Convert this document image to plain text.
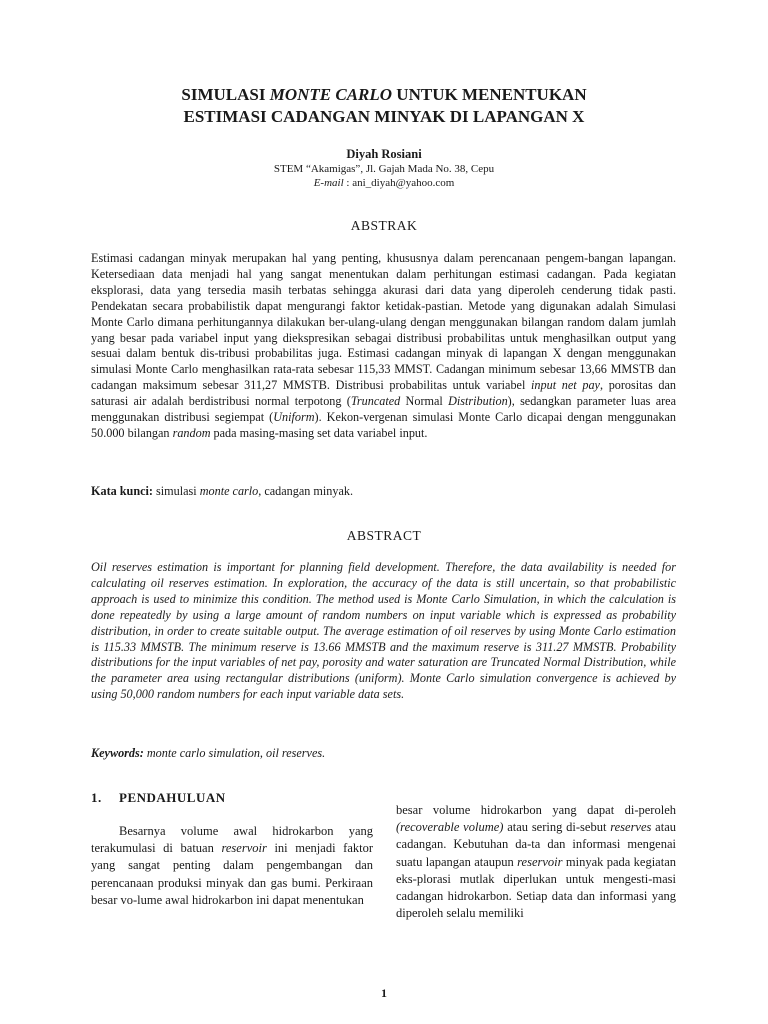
SIMULASI MONTE CARLO UNTUK MENENTUKAN
ESTIMASI CADANGAN MINYAK DI LAPANGAN X
Diyah Rosiani
STEM “Akamigas”, Jl. Gajah Mada No. 38, Cepu
E-mail : ani_diyah@yahoo.com
ABSTRAK
Estimasi cadangan minyak merupakan hal yang penting, khususnya dalam perencanaan pengem-bangan lapangan. Ketersediaan data menjadi hal yang sangat menentukan dalam perhitungan estimasi cadangan. Pada kegiatan eksplorasi, data yang tersedia masih terbatas sehingga akurasi dari data yang diperoleh cenderung tidak pasti. Pendekatan secara probabilistik dapat mengurangi faktor ketidak-pastian. Metode yang digunakan adalah Simulasi Monte Carlo dimana perhitungannya dilakukan ber-ulang-ulang dengan menggunakan bilangan random dalam jumlah yang besar pada variabel input yang diekspresikan sebagai distribusi probabilitas untuk menghasilkan output yang sesuai dalam bentuk dis-tribusi probabilitas juga. Estimasi cadangan minyak di lapangan X dengan menggunakan simulasi Monte Carlo menghasilkan rata-rata sebesar 115,33 MMST. Cadangan minimum sebesar 13,66 MMSTB dan cadangan maksimum sebesar 311,27 MMSTB. Distribusi probabilitas untuk variabel input net pay, porositas dan saturasi air adalah berdistribusi normal terpotong (Truncated Normal Distribution), sedangkan parameter luas area menggunakan distribusi segiempat (Uniform). Kekon-vergenan simulasi Monte Carlo dicapai dengan menggunakan 50.000 bilangan random pada masing-masing set data variabel input.
Kata kunci: simulasi monte carlo, cadangan minyak.
ABSTRACT
Oil reserves estimation is important for planning field development. Therefore, the data availability is needed for calculating oil reserves estimation. In exploration, the accuracy of the data is still uncertain, so that probabilistic approach is used to minimize this condition. The method used is Monte Carlo Simulation, in which the calculation is done repeatedly by using a large amount of random numbers on input variable which is expressed as probability distribution, in order to create suitable output. The average estimation of oil reserves by using Monte Carlo estimation is 115.33 MMSTB. The minimum reserve is 13.66 MMSTB and the maximum reserve is 311.27 MMSTB. Probability distributions for the input variables of net pay, porosity and water saturation are Truncated Normal Distribution, while the parameter area using rectangular distributions (uniform). Monte Carlo simulation convergence is achieved by using 50,000 random numbers for each input variable data sets.
Keywords: monte carlo simulation, oil reserves.
1. PENDAHULUAN
Besarnya volume awal hidrokarbon yang terakumulasi di batuan reservoir ini menjadi faktor yang sangat penting dalam pengembangan dan perencanaan produksi minyak dan gas bumi. Perkiraan besar vo-lume awal hidrokarbon ini dapat menentukan
besar volume hidrokarbon yang dapat di-peroleh (recoverable volume) atau sering di-sebut reserves atau cadangan. Kebutuhan da-ta dan informasi mengenai suatu lapangan ataupun reservoir minyak pada kegiatan eks-plorasi mutlak diperlukan untuk mengesti-masi cadangan hidrokarbon. Setiap data dan informasi yang diperoleh selalu memiliki
1
